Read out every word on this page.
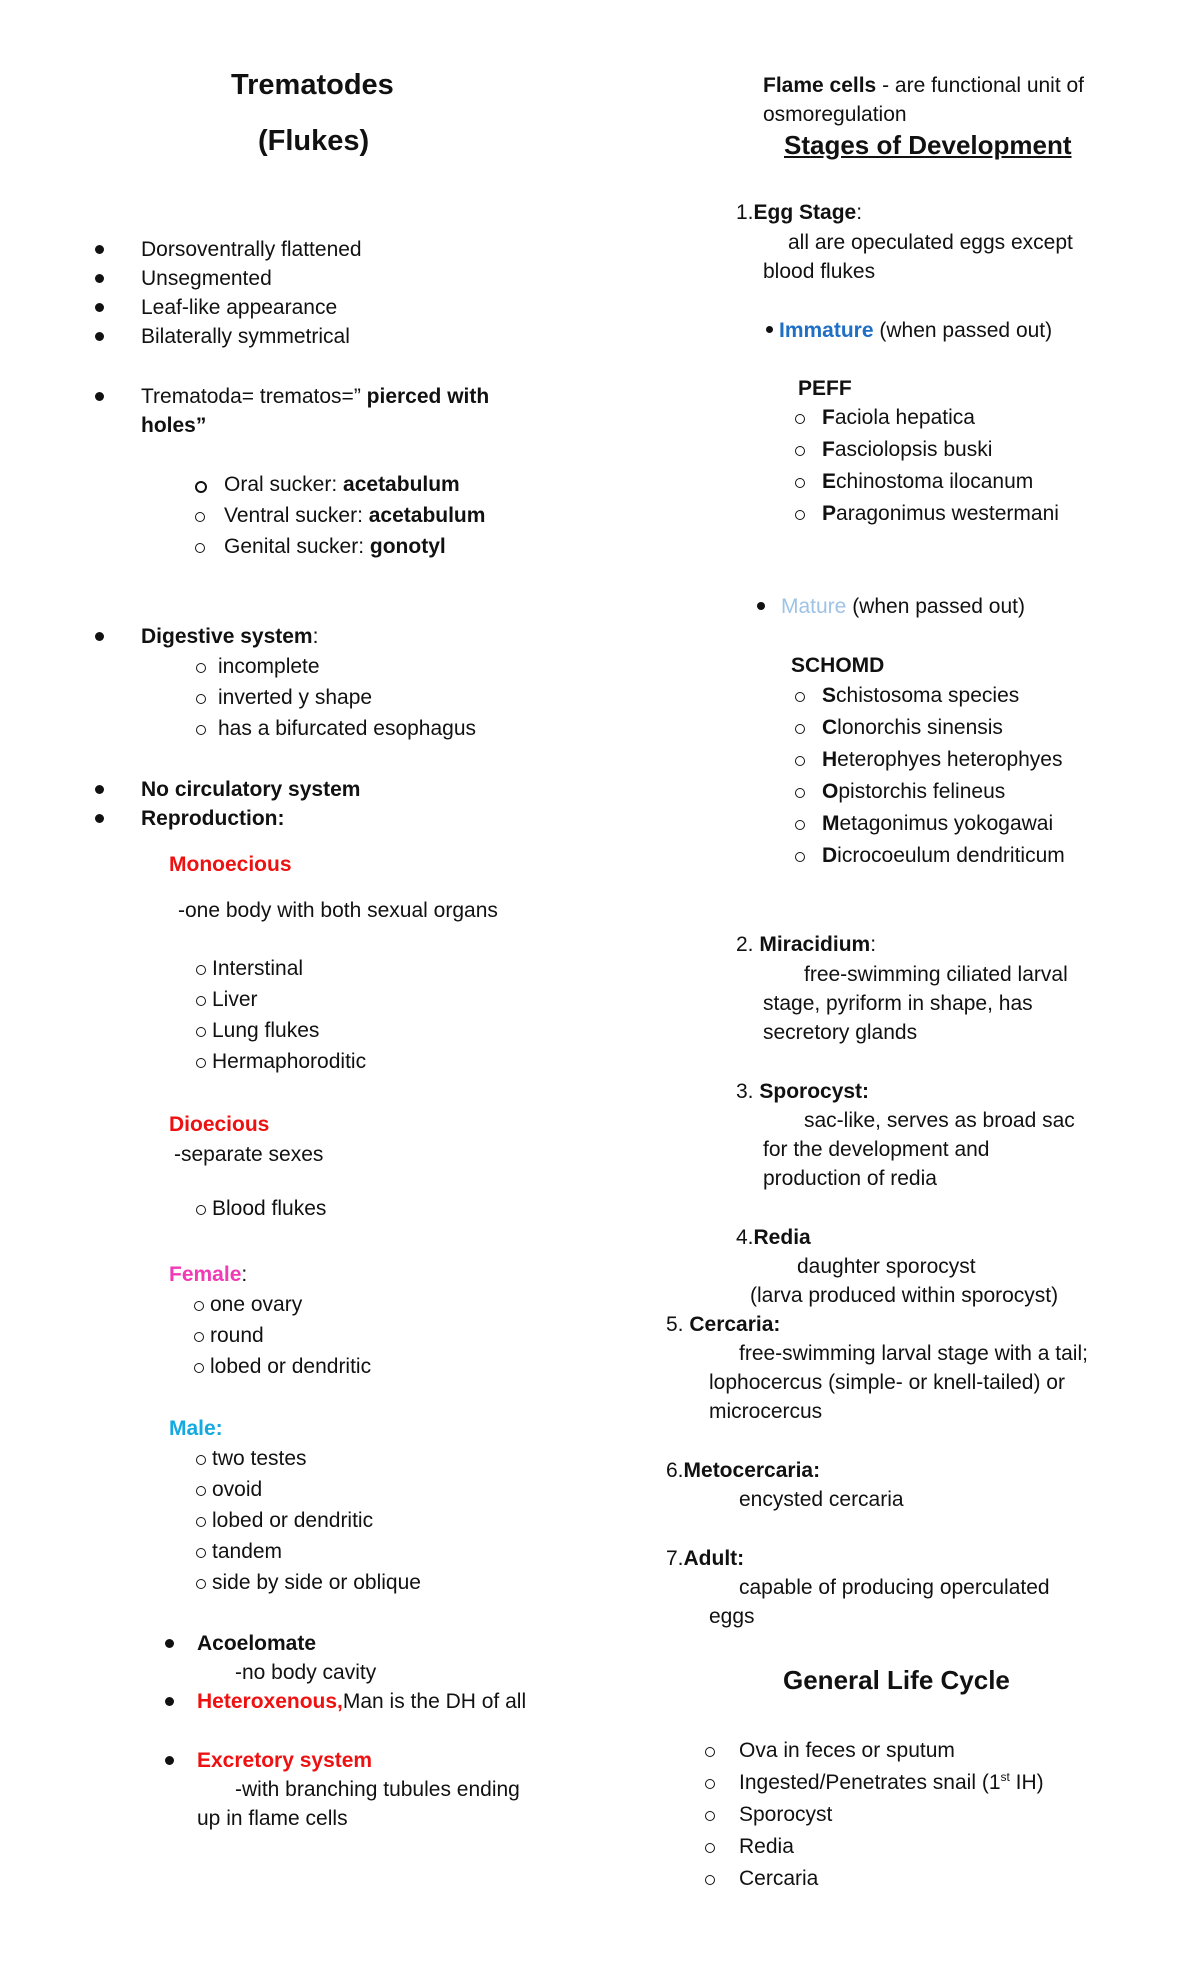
Trematodes
(Flukes)
Dorsoventrally flattened
Unsegmented
Leaf-like appearance
Bilaterally symmetrical
Trematoda= trematos=” pierced with
holes”
Oral sucker: acetabulum
Ventral sucker: acetabulum
Genital sucker: gonotyl
Digestive system:
incomplete
inverted y shape
has a bifurcated esophagus
No circulatory system
Reproduction:
Monoecious
-one body with both sexual organs
Interstinal
Liver
Lung flukes
Hermaphoroditic
Dioecious
-separate sexes
Blood flukes
Female:
one ovary
round
lobed or dendritic
Male:
two testes
ovoid
lobed or dendritic
tandem
side by side or oblique
Acoelomate
-no body cavity
Heteroxenous,Man is the DH of all
Excretory system
-with branching tubules ending
up in flame cells
Flame cells - are functional unit of
osmoregulation
Stages of Development
1.Egg Stage:
all are opeculated eggs except
blood flukes
Immature (when passed out)
PEFF
Faciola hepatica
Fasciolopsis buski
Echinostoma ilocanum
Paragonimus westermani
Mature (when passed out)
SCHOMD
Schistosoma species
Clonorchis sinensis
Heterophyes heterophyes
Opistorchis felineus
Metagonimus yokogawai
Dicrocoeulum dendriticum
2. Miracidium:
free-swimming ciliated larval
stage, pyriform in shape, has
secretory glands
3. Sporocyst:
sac-like, serves as broad sac
for the development and
production of redia
4.Redia
daughter sporocyst
(larva produced within sporocyst)
5. Cercaria:
free-swimming larval stage with a tail;
lophocercus (simple- or knell-tailed) or
microcercus
6.Metocercaria:
encysted cercaria
7.Adult:
capable of producing operculated
eggs
General Life Cycle
Ova in feces or sputum
Ingested/Penetrates snail (1st IH)
Sporocyst
Redia
Cercaria
